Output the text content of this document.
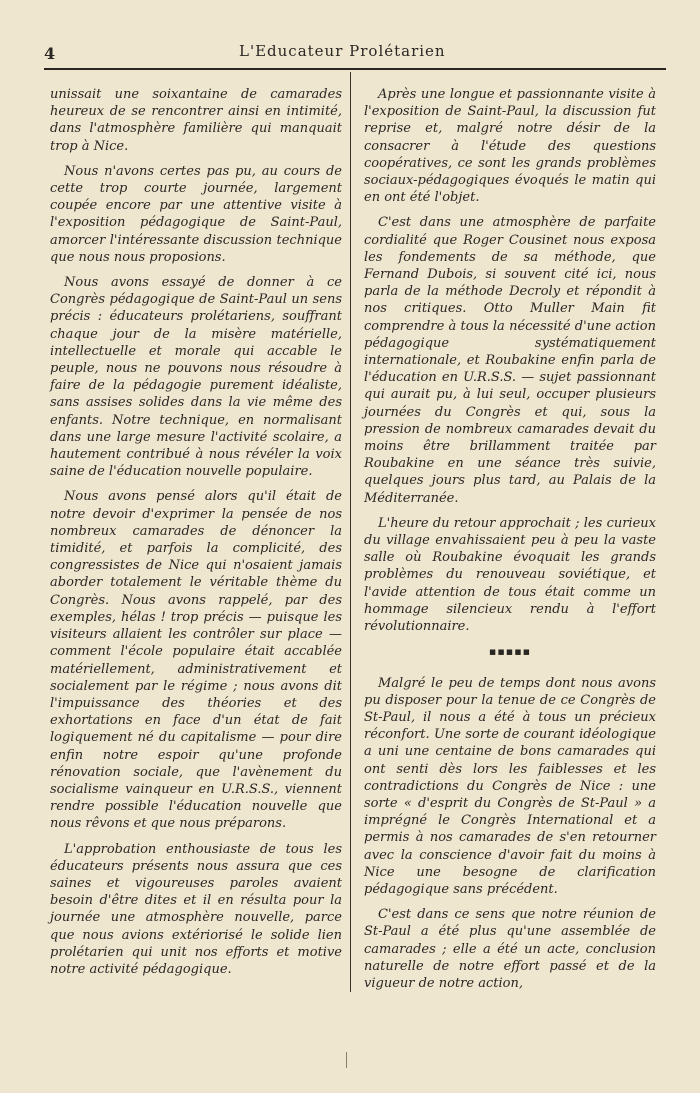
4	L'Educateur Prolétarien

unissait une soixantaine de camarades heureux de se rencontrer ainsi en intimité, dans l'atmosphère familière qui manquait trop à Nice.

Nous n'avons certes pas pu, au cours de cette trop courte journée, largement coupée encore par une attentive visite à l'exposition pédagogique de Saint-Paul, amorcer l'intéressante discussion technique que nous nous proposions.

Nous avons essayé de donner à ce Congrès pédagogique de Saint-Paul un sens précis : éducateurs prolétariens, souffrant chaque jour de la misère matérielle, intellectuelle et morale qui accable le peuple, nous ne pouvons nous résoudre à faire de la pédagogie purement idéaliste, sans assises solides dans la vie même des enfants. Notre technique, en normalisant dans une large mesure l'activité scolaire, a hautement contribué à nous révéler la voix saine de l'éducation nouvelle populaire.

Nous avons pensé alors qu'il était de notre devoir d'exprimer la pensée de nos nombreux camarades de dénoncer la timidité, et parfois la complicité, des congressistes de Nice qui n'osaient jamais aborder totalement le véritable thème du Congrès. Nous avons rappelé, par des exemples, hélas ! trop précis — puisque les visiteurs allaient les contrôler sur place — comment l'école populaire était accablée matériellement, administrativement et socialement par le régime ; nous avons dit l'impuissance des théories et des exhortations en face d'un état de fait logiquement né du capitalisme — pour dire enfin notre espoir qu'une profonde rénovation sociale, que l'avènement du socialisme vainqueur en U.R.S.S., viennent rendre possible l'éducation nouvelle que nous rêvons et que nous préparons.

L'approbation enthousiaste de tous les éducateurs présents nous assura que ces saines et vigoureuses paroles avaient besoin d'être dites et il en résulta pour la journée une atmosphère nouvelle, parce que nous avions extériorisé le solide lien prolétarien qui unit nos efforts et motive notre activité pédagogique.

Après une longue et passionnante visite à l'exposition de Saint-Paul, la discussion fut reprise et, malgré notre désir de la consacrer à l'étude des questions coopératives, ce sont les grands problèmes sociaux-pédagogiques évoqués le matin qui en ont été l'objet.

C'est dans une atmosphère de parfaite cordialité que Roger Cousinet nous exposa les fondements de sa méthode, que Fernand Dubois, si souvent cité ici, nous parla de la méthode Decroly et répondit à nos critiques. Otto Muller Main fit comprendre à tous la nécessité d'une action pédagogique systématiquement internationale, et Roubakine enfin parla de l'éducation en U.R.S.S. — sujet passionnant qui aurait pu, à lui seul, occuper plusieurs journées du Congrès et qui, sous la pression de nombreux camarades devait du moins être brillamment traitée par Roubakine en une séance très suivie, quelques jours plus tard, au Palais de la Méditerranée.

L'heure du retour approchait ; les curieux du village envahissaient peu à peu la vaste salle où Roubakine évoquait les grands problèmes du renouveau soviétique, et l'avide attention de tous était comme un hommage silencieux rendu à l'effort révolutionnaire.

▪▪▪▪▪

Malgré le peu de temps dont nous avons pu disposer pour la tenue de ce Congrès de St-Paul, il nous a été à tous un précieux réconfort. Une sorte de courant idéologique a uni une centaine de bons camarades qui ont senti dès lors les faiblesses et les contradictions du Congrès de Nice : une sorte « d'esprit du Congrès de St-Paul » a imprégné le Congrès International et a permis à nos camarades de s'en retourner avec la conscience d'avoir fait du moins à Nice une besogne de clarification pédagogique sans précédent.

C'est dans ce sens que notre réunion de St-Paul a été plus qu'une assemblée de camarades ; elle a été un acte, conclusion naturelle de notre effort passé et de la vigueur de notre action,
